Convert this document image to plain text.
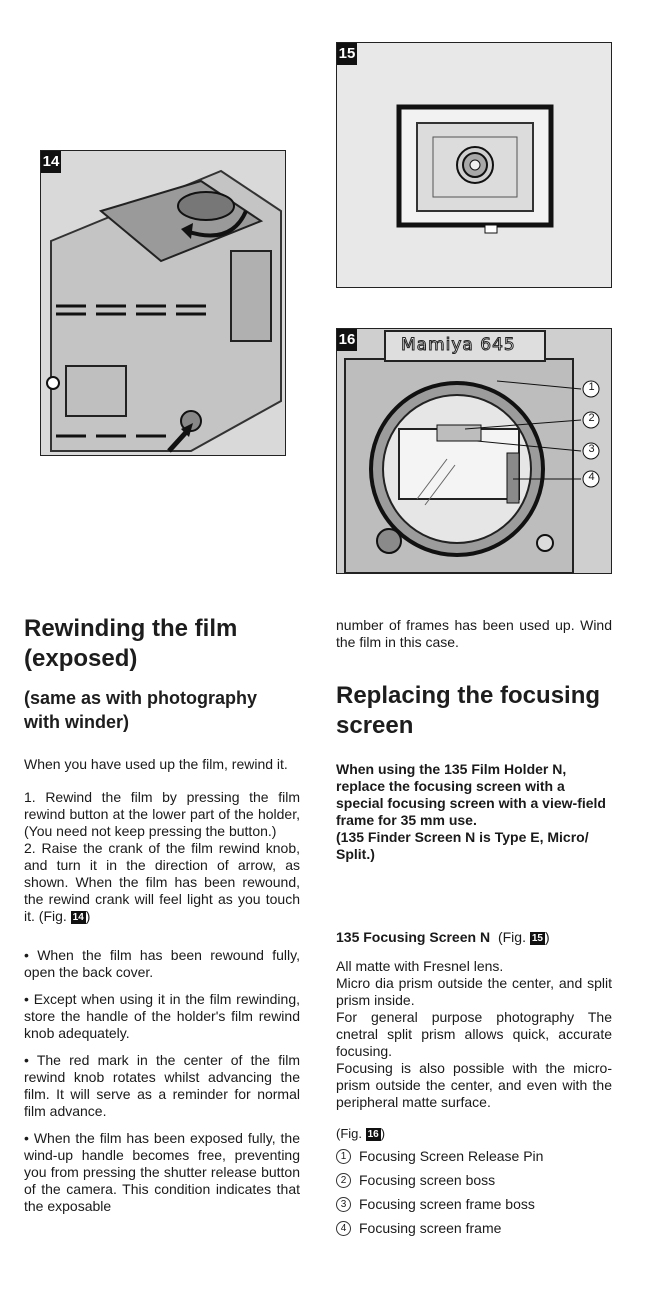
14
15
Mamiya 645
1
2
3
4
16
Rewinding the film (exposed)
(same as with photography with winder)

When you have used up the film, rewind it.

1. Rewind the film by pressing the film rewind button at the lower part of the holder, (You need not keep pressing the button.)

2. Raise the crank of the film rewind knob, and turn it in the direction of arrow, as shown. When the film has been rewound, the rewind crank will feel light as you touch it. (Fig. 14 )

• When the film has been rewound fully, open the back cover.

• Except when using it in the film rewinding, store the handle of the holder's film rewind knob adequately.

• The red mark in the center of the film rewind knob rotates whilst advancing the film. It will serve as a reminder for normal film advance.

• When the film has been exposed fully, the wind-up handle becomes free, preventing you from pressing the shutter release button of the camera. This condition indicates that the exposable

number of frames has been used up. Wind the film in this case.

Replacing the focusing screen
When using the 135 Film Holder N, replace the focusing screen with a special focusing screen with a view-field frame for 35 mm use.
(135 Finder Screen N is Type E, Micro/ Split.)
135 Focusing Screen N (Fig. 15 )

All matte with Fresnel lens.

Micro dia prism outside the center, and split prism inside.

For general purpose photography The cnetral split prism allows quick, accurate focusing.

Focusing is also possible with the micro-prism outside the center, and even with the peripheral matte surface.

(Fig. 16 )
1 Focusing Screen Release Pin
2 Focusing screen boss
3 Focusing screen frame boss
4 Focusing screen frame
